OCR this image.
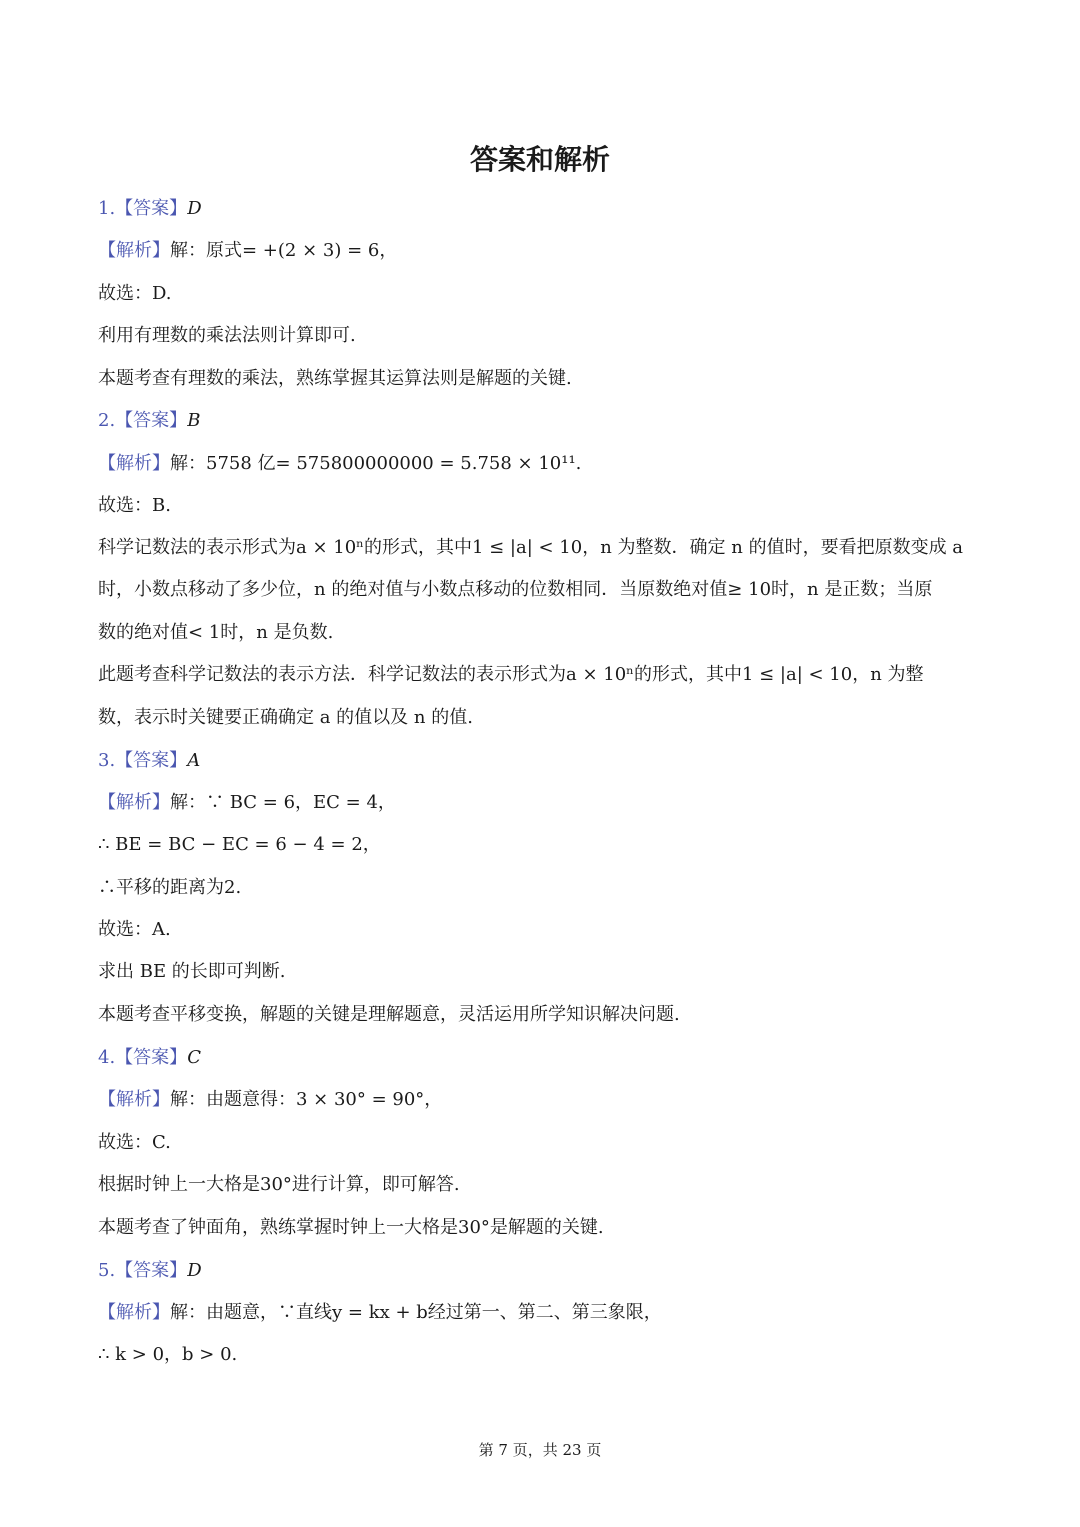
答案和解析
1.【答案】D
【解析】解：原式= +(2 × 3) = 6，
故选：D.
利用有理数的乘法法则计算即可.
本题考查有理数的乘法，熟练掌握其运算法则是解题的关键.
2.【答案】B
【解析】解：5758 亿= 575800000000 = 5.758 × 10¹¹.
故选：B.
科学记数法的表示形式为a × 10ⁿ的形式，其中1 ≤ |a| < 10，n 为整数．确定 n 的值时，要看把原数变成 a
时，小数点移动了多少位，n 的绝对值与小数点移动的位数相同．当原数绝对值≥ 10时，n 是正数；当原
数的绝对值< 1时，n 是负数.
此题考查科学记数法的表示方法．科学记数法的表示形式为a × 10ⁿ的形式，其中1 ≤ |a| < 10，n 为整
数，表示时关键要正确确定 a 的值以及 n 的值.
3.【答案】A
【解析】解：∵ BC = 6，EC = 4，
∴ BE = BC − EC = 6 − 4 = 2，
∴平移的距离为2.
故选：A.
求出 BE 的长即可判断.
本题考查平移变换，解题的关键是理解题意，灵活运用所学知识解决问题.
4.【答案】C
【解析】解：由题意得：3 × 30° = 90°，
故选：C.
根据时钟上一大格是30°进行计算，即可解答.
本题考查了钟面角，熟练掌握时钟上一大格是30°是解题的关键.
5.【答案】D
【解析】解：由题意，∵直线y = kx + b经过第一、第二、第三象限，
∴ k > 0，b > 0.
第 7 页，共 23 页
